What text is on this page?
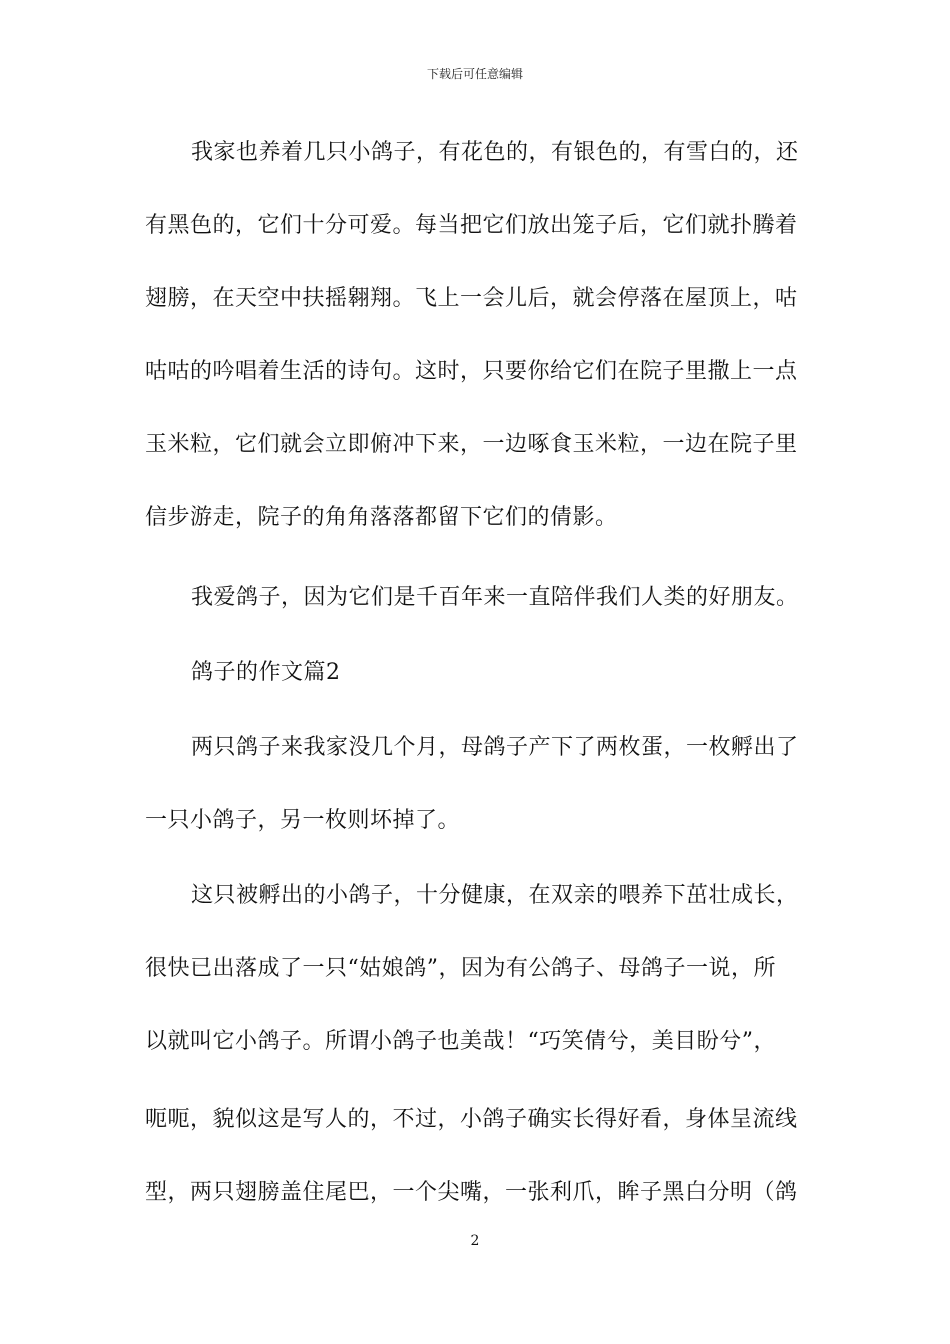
下载后可任意编辑
我家也养着几只小鸽子，有花色的，有银色的，有雪白的，还
有黑色的，它们十分可爱。每当把它们放出笼子后，它们就扑腾着
翅膀，在天空中扶摇翱翔。飞上一会儿后，就会停落在屋顶上，咕
咕咕的吟唱着生活的诗句。这时，只要你给它们在院子里撒上一点
玉米粒，它们就会立即俯冲下来，一边啄食玉米粒，一边在院子里
信步游走，院子的角角落落都留下它们的倩影。
我爱鸽子，因为它们是千百年来一直陪伴我们人类的好朋友。
鸽子的作文篇2
两只鸽子来我家没几个月，母鸽子产下了两枚蛋，一枚孵出了
一只小鸽子，另一枚则坏掉了。
这只被孵出的小鸽子，十分健康，在双亲的喂养下茁壮成长，
很快已出落成了一只“姑娘鸽”，因为有公鸽子、母鸽子一说，所
以就叫它小鸽子。所谓小鸽子也美哉！“巧笑倩兮，美目盼兮”，
呃呃，貌似这是写人的，不过，小鸽子确实长得好看，身体呈流线
型，两只翅膀盖住尾巴，一个尖嘴，一张利爪，眸子黑白分明（鸽
2
